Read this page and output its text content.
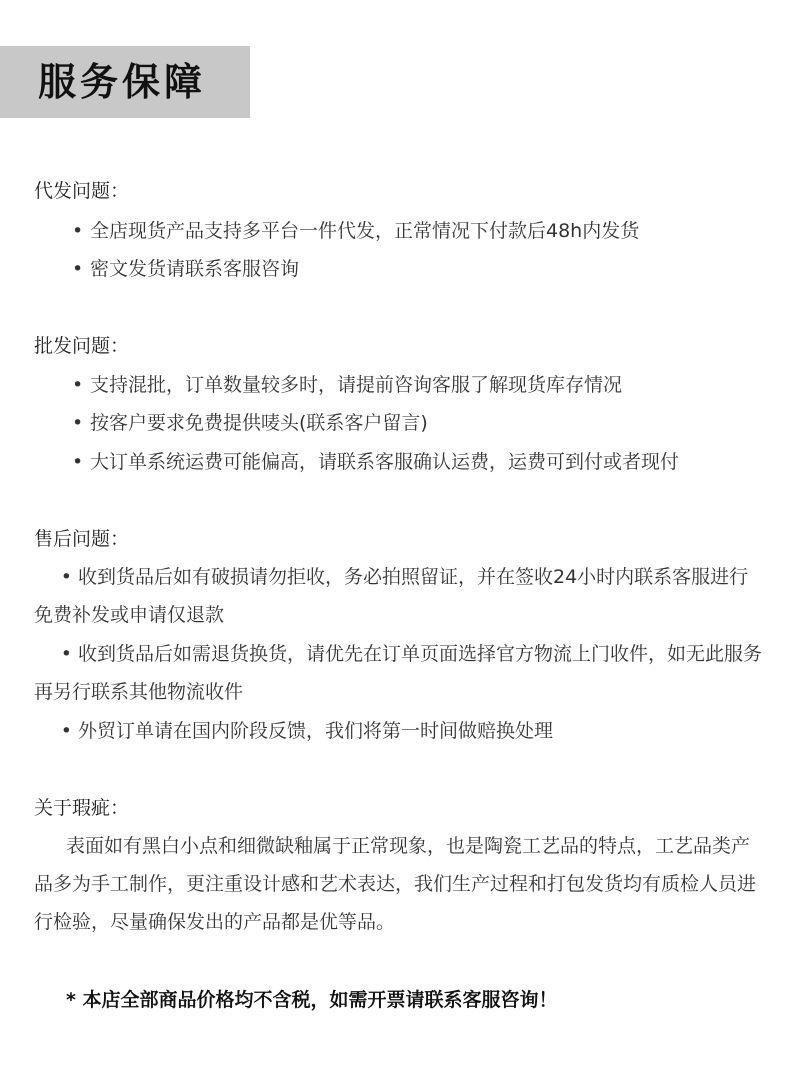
服务保障
代发问题：
• 全店现货产品支持多平台一件代发，正常情况下付款后48h内发货
• 密文发货请联系客服咨询
批发问题：
• 支持混批，订单数量较多时，请提前咨询客服了解现货库存情况
• 按客户要求免费提供唛头(联系客户留言)
• 大订单系统运费可能偏高，请联系客服确认运费，运费可到付或者现付
售后问题：
• 收到货品后如有破损请勿拒收，务必拍照留证，并在签收24小时内联系客服进行免费补发或申请仅退款
• 收到货品后如需退货换货，请优先在订单页面选择官方物流上门收件，如无此服务再另行联系其他物流收件
• 外贸订单请在国内阶段反馈，我们将第一时间做赔换处理
关于瑕疵：
表面如有黑白小点和细微缺釉属于正常现象，也是陶瓷工艺品的特点，工艺品类产品多为手工制作，更注重设计感和艺术表达，我们生产过程和打包发货均有质检人员进行检验，尽量确保发出的产品都是优等品。
* 本店全部商品价格均不含税，如需开票请联系客服咨询！
